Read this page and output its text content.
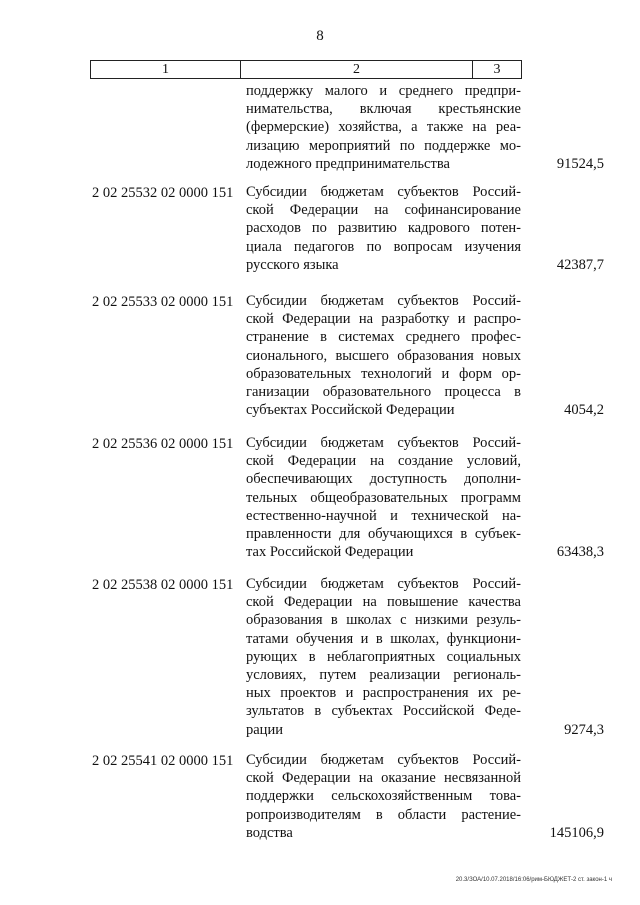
8
1	2	3
поддержку малого и среднего предпри-
нимательства, включая крестьянские
(фермерские) хозяйства, а также на реа-
лизацию мероприятий по поддержке мо-
лодежного предпринимательства	91524,5
2 02 25532 02 0000 151 Субсидии бюджетам субъектов Россий-
ской Федерации на софинансирование
расходов по развитию кадрового потен-
циала педагогов по вопросам изучения
русского языка	42387,7
2 02 25533 02 0000 151 Субсидии бюджетам субъектов Россий-
ской Федерации на разработку и распро-
странение в системах среднего профес-
сионального, высшего образования новых
образовательных технологий и форм ор-
ганизации образовательного процесса в
субъектах Российской Федерации	4054,2
2 02 25536 02 0000 151 Субсидии бюджетам субъектов Россий-
ской Федерации на создание условий,
обеспечивающих доступность дополни-
тельных общеобразовательных программ
естественно-научной и технической на-
правленности для обучающихся в субъек-
тах Российской Федерации	63438,3
2 02 25538 02 0000 151 Субсидии бюджетам субъектов Россий-
ской Федерации на повышение качества
образования в школах с низкими резуль-
татами обучения и в школах, функциони-
рующих в неблагоприятных социальных
условиях, путем реализации региональ-
ных проектов и распространения их ре-
зультатов в субъектах Российской Феде-
рации	9274,3
2 02 25541 02 0000 151 Субсидии бюджетам субъектов Россий-
ской Федерации на оказание несвязанной
поддержки сельскохозяйственным това-
ропроизводителям в области растение-
водства	145106,9
20.3/ЗОА/10.07.2018/16:06/рим-БЮДЖЕТ-2 ст. закон-1 ч
